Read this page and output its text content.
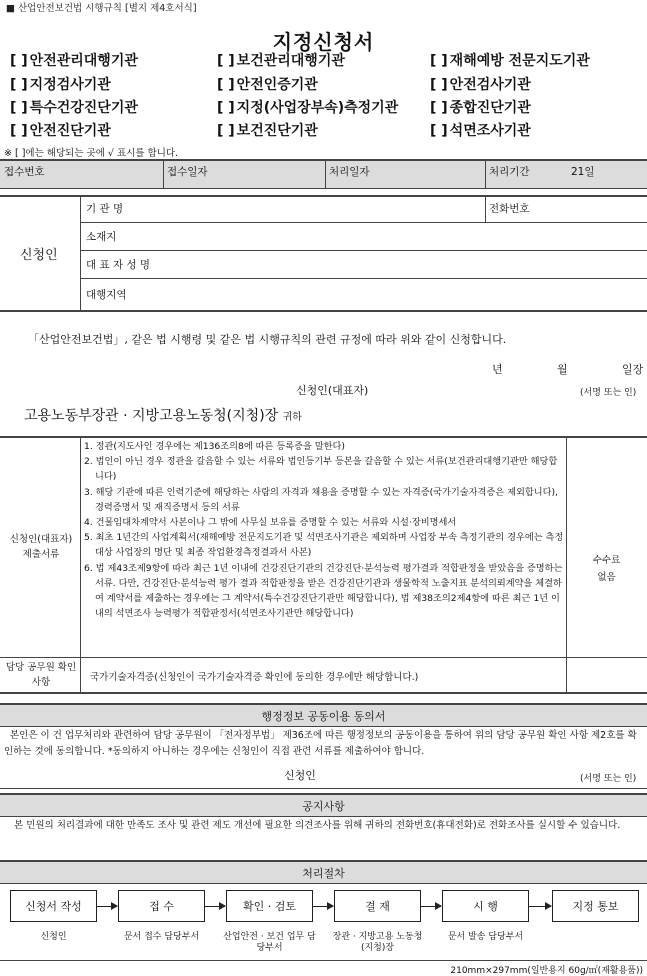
■ 산업안전보건법 시행규칙 [별지 제4호서식]
지정신청서
[ ] 안전관리대행기관	[ ] 보건관리대행기관	[ ] 재해예방 전문지도기관
[ ] 지정검사기관	[ ] 안전인증기관	[ ] 안전검사기관
[ ] 특수건강진단기관	[ ] 지정(사업장부속)측정기관 [ ] 종합진단기관
[ ] 안전진단기관	[ ] 보건진단기관	[ ] 석면조사기관
※ [ ]에는 해당되는 곳에 √ 표시를 합니다.
접수번호	접수일자	처리일자	처리기간	21일
신청인
기 관 명	전화번호
소재지
대 표 자 성 명
대행지역
「산업안전보건법」, 같은 법 시행령 및 같은 법 시행규칙의 관련 규정에 따라 위와 같이 신청합니다.
년	월	일장
신청인(대표자)	(서명 또는 인)
고용노동부장관 · 지방고용노동청(지청)장 귀하
신청인(대표자) 제출서류
1. 정관(지도사인 경우에는 제136조의8에 따른 등록증을 말한다)
2. 법인이 아닌 경우 정관을 갈음할 수 있는 서류와 법인등기부 등본을 갈음할 수 있는 서류(보건관리대행기관만 해당합니다)
3. 해당 기관에 따른 인력기준에 해당하는 사람의 자격과 채용을 증명할 수 있는 자격증(국가기술자격증은 제외합니다), 경력증명서 및 재직증명서 등의 서류
4. 건물임대차계약서 사본이나 그 밖에 사무실 보유를 증명할 수 있는 서류와 시설·장비명세서
5. 최초 1년간의 사업계획서(재해예방 전문지도기관 및 석면조사기관은 제외하며 사업장 부속 측정기관의 경우에는 측정대상 사업장의 명단 및 최종 작업환경측정결과서 사본)
6. 법 제43조제9항에 따라 최근 1년 이내에 건강진단기관의 건강진단·분석능력 평가결과 적합판정을 받았음을 증명하는 서류. 다만, 건강진단·분석능력 평가 결과 적합판정을 받은 건강진단기관과 생물학적 노출지표 분석의뢰계약을 체결하여 계약서를 제출하는 경우에는 그 계약서(특수건강진단기관만 해당합니다), 법 제38조의2제4항에 따른 최근 1년 이내의 석면조사 능력평가 적합판정서(석면조사기관만 해당합니다)
수수료
없음
담당 공무원 확인사항	국가기술자격증(신청인이 국가기술자격증 확인에 동의한 경우에만 해당합니다.)
행정정보 공동이용 동의서
본인은 이 건 업무처리와 관련하여 담당 공무원이 「전자정부법」 제36조에 따른 행정정보의 공동이용을 통하여 위의 담당 공무원 확인 사항 제2호를 확인하는 것에 동의합니다. *동의하지 아니하는 경우에는 신청인이 직접 관련 서류를 제출하여야 합니다.
신청인	(서명 또는 인)
공지사항
본 민원의 처리결과에 대한 만족도 조사 및 관련 제도 개선에 필요한 의견조사를 위해 귀하의 전화번호(휴대전화)로 전화조사를 실시할 수 있습니다.
처리절차
신청서 작성
신청인
접 수
문서 접수 담당부서
확인 · 검토
산업안전 · 보건 업무 담당부서
결 재
장관 · 지방고용 노동청(지청)장
시 행
문서 발송 담당부서
지정 통보
210mm×297mm(일반용지 60g/㎡(재활용품))
